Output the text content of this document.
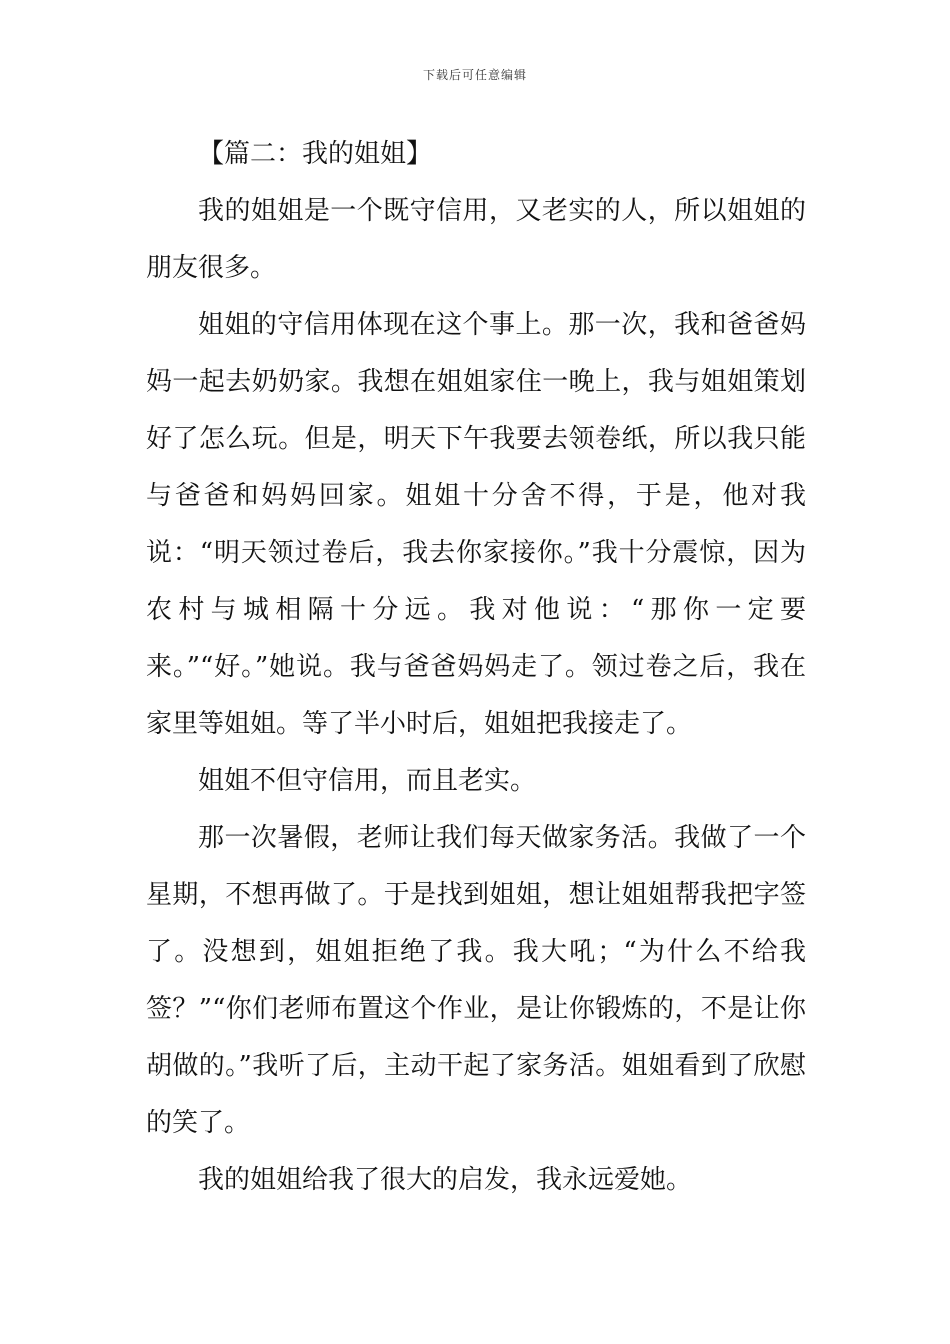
下载后可任意编辑

【篇二：我的姐姐】

我的姐姐是一个既守信用，又老实的人，所以姐姐的朋友很多。

姐姐的守信用体现在这个事上。那一次，我和爸爸妈妈一起去奶奶家。我想在姐姐家住一晚上，我与姐姐策划好了怎么玩。但是，明天下午我要去领卷纸，所以我只能与爸爸和妈妈回家。姐姐十分舍不得，于是，他对我说：“明天领过卷后，我去你家接你。”我十分震惊，因为农村与城相隔十分远。我对他说：“那你一定要来。”“好。”她说。我与爸爸妈妈走了。领过卷之后，我在家里等姐姐。等了半小时后，姐姐把我接走了。

姐姐不但守信用，而且老实。

那一次暑假，老师让我们每天做家务活。我做了一个星期，不想再做了。于是找到姐姐，想让姐姐帮我把字签了。没想到，姐姐拒绝了我。我大吼；“为什么不给我签？”“你们老师布置这个作业，是让你锻炼的，不是让你胡做的。”我听了后，主动干起了家务活。姐姐看到了欣慰的笑了。

我的姐姐给我了很大的启发，我永远爱她。
